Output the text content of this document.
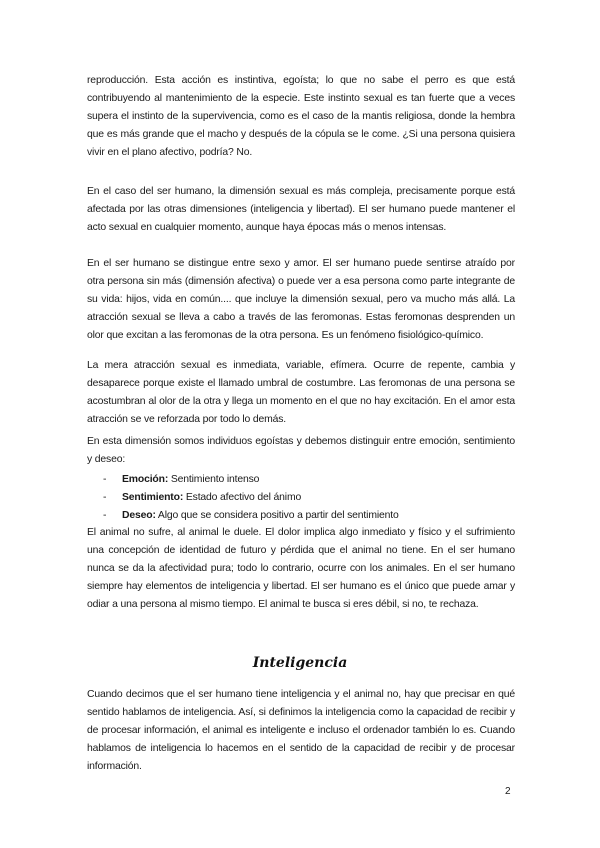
reproducción. Esta acción es instintiva, egoísta; lo que no sabe el perro es que está contribuyendo al mantenimiento de la especie. Este instinto sexual es tan fuerte que a veces supera el instinto de la supervivencia, como es el caso de la mantis religiosa, donde la hembra que es más grande que el macho y después de la cópula se le come. ¿Si una persona quisiera vivir en el plano afectivo, podría? No.

En el caso del ser humano, la dimensión sexual es más compleja, precisamente porque está afectada por las otras dimensiones (inteligencia y libertad). El ser humano puede mantener el acto sexual en cualquier momento, aunque haya épocas más o menos intensas.

En el ser humano se distingue entre sexo y amor. El ser humano puede sentirse atraído por otra persona sin más (dimensión afectiva) o puede ver a esa persona como parte integrante de su vida: hijos, vida en común.... que incluye la dimensión sexual, pero va mucho más allá. La atracción sexual se lleva a cabo a través de las feromonas. Estas feromonas desprenden un olor que excitan a las feromonas de la otra persona. Es un fenómeno fisiológico-químico.

La mera atracción sexual es inmediata, variable, efímera. Ocurre de repente, cambia y desaparece porque existe el llamado umbral de costumbre. Las feromonas de una persona se acostumbran al olor de la otra y llega un momento en el que no hay excitación. En el amor esta atracción se ve reforzada por todo lo demás.

En esta dimensión somos individuos egoístas y debemos distinguir entre emoción, sentimiento y deseo:

- Emoción: Sentimiento intenso
- Sentimiento: Estado afectivo del ánimo
- Deseo: Algo que se considera positivo a partir del sentimiento

El animal no sufre, al animal le duele. El dolor implica algo inmediato y físico y el sufrimiento una concepción de identidad de futuro y pérdida que el animal no tiene. En el ser humano nunca se da la afectividad pura; todo lo contrario, ocurre con los animales. En el ser humano siempre hay elementos de inteligencia y libertad. El ser humano es el único que puede amar y odiar a una persona al mismo tiempo. El animal te busca si eres débil, si no, te rechaza.

Inteligencia

Cuando decimos que el ser humano tiene inteligencia y el animal no, hay que precisar en qué sentido hablamos de inteligencia. Así, si definimos la inteligencia como la capacidad de recibir y de procesar información, el animal es inteligente e incluso el ordenador también lo es. Cuando hablamos de inteligencia lo hacemos en el sentido de la capacidad de recibir y de procesar información.

2
